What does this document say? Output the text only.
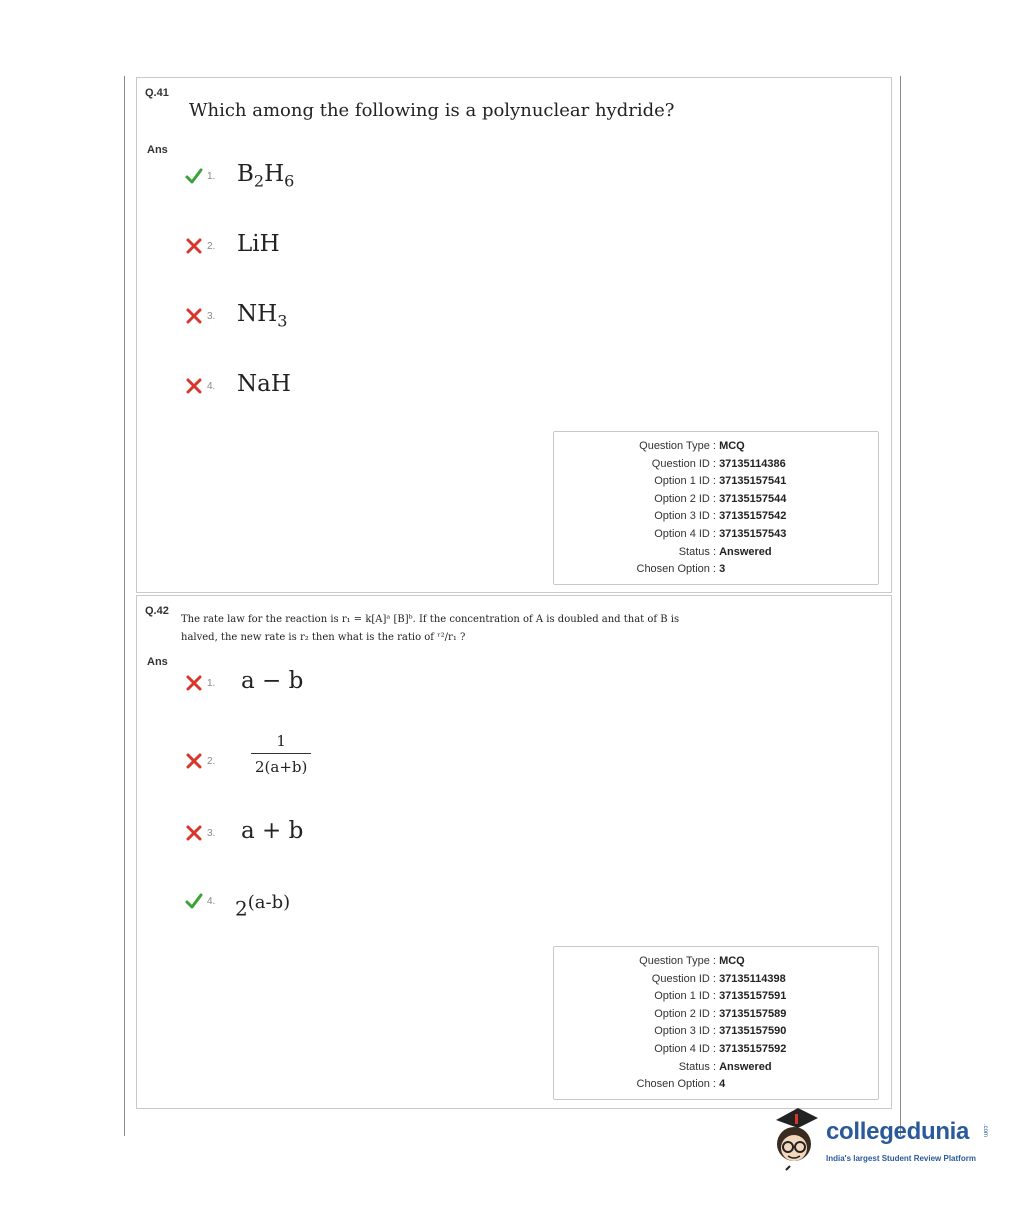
Q.41
Which among the following is a polynuclear hydride?
Ans
1. $B_2H_6$
2. LiH
3. $NH_3$
4. NaH
Question Type :
MCQ
Question ID :
37135114386
Option 1 ID :
37135157541
Option 2 ID :
37135157544
Option 3 ID :
37135157542
Option 4 ID :
37135157543
Status :
Answered
Chosen Option :
3
Q.42
The rate law for the reaction is r₁ = k[A]ᵃ [B]ᵇ. If the concentration of A is doubled and that of B is
halved, the new rate is r₂ then what is the ratio of ʳ²/r₁ ?
Ans
1. a − b
2. $\frac{1}{2(a+b)}$
3. a + b
4. 2$^{(a-b)}$
Question Type :
MCQ
Question ID :
37135114398
Option 1 ID :
37135157591
Option 2 ID :
37135157589
Option 3 ID :
37135157590
Option 4 ID :
37135157592
Status :
Answered
Chosen Option :
4
collegedunia .com
India's largest Student Review Platform
